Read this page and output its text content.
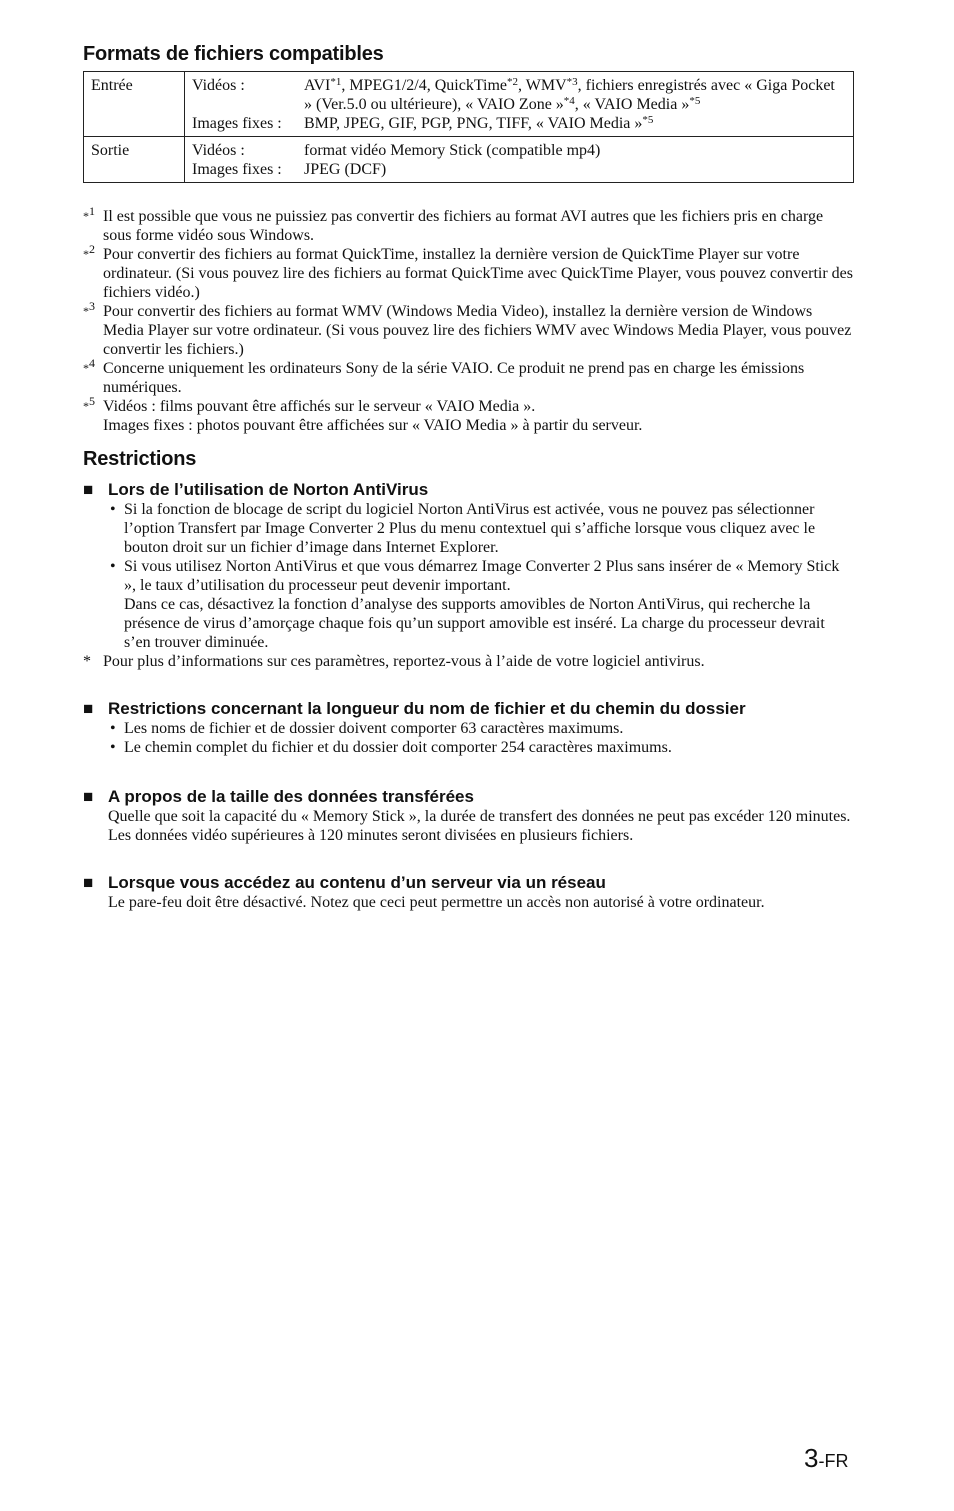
Formats de fichiers compatibles
Entrée	Vidéos : AVI$^{*1}$, MPEG1/2/4, QuickTime$^{*2}$, WMV$^{*3}$, fichiers enregistrés avec « Giga Pocket » (Ver.5.0 ou ultérieure), « VAIO Zone »$^{*4}$, « VAIO Media »$^{*5}$
Images fixes : BMP, JPEG, GIF, PGP, PNG, TIFF, « VAIO Media »$^{*5}$

Sortie	Vidéos : format vidéo Memory Stick (compatible mp4)
Images fixes : JPEG (DCF)
*$^1$ Il est possible que vous ne puissiez pas convertir des fichiers au format AVI autres que les fichiers pris en charge sous forme vidéo sous Windows.
*$^2$ Pour convertir des fichiers au format QuickTime, installez la dernière version de QuickTime Player sur votre ordinateur. (Si vous pouvez lire des fichiers au format QuickTime avec QuickTime Player, vous pouvez convertir des fichiers vidéo.)
*$^3$ Pour convertir des fichiers au format WMV (Windows Media Video), installez la dernière version de Windows Media Player sur votre ordinateur. (Si vous pouvez lire des fichiers WMV avec Windows Media Player, vous pouvez convertir les fichiers.)
*$^4$ Concerne uniquement les ordinateurs Sony de la série VAIO. Ce produit ne prend pas en charge les émissions numériques.
*$^5$ Vidéos : films pouvant être affichés sur le serveur « VAIO Media ».
Images fixes : photos pouvant être affichées sur « VAIO Media » à partir du serveur.
Restrictions
■ Lors de l’utilisation de Norton AntiVirus
• Si la fonction de blocage de script du logiciel Norton AntiVirus est activée, vous ne pouvez pas sélectionner l’option Transfert par Image Converter 2 Plus du menu contextuel qui s’affiche lorsque vous cliquez avec le bouton droit sur un fichier d’image dans Internet Explorer.
• Si vous utilisez Norton AntiVirus et que vous démarrez Image Converter 2 Plus sans insérer de « Memory Stick », le taux d’utilisation du processeur peut devenir important.
Dans ce cas, désactivez la fonction d’analyse des supports amovibles de Norton AntiVirus, qui recherche la présence de virus d’amorçage chaque fois qu’un support amovible est inséré. La charge du processeur devrait s’en trouver diminuée.
* Pour plus d’informations sur ces paramètres, reportez-vous à l’aide de votre logiciel antivirus.
■ Restrictions concernant la longueur du nom de fichier et du chemin du dossier
• Les noms de fichier et de dossier doivent comporter 63 caractères maximums.
• Le chemin complet du fichier et du dossier doit comporter 254 caractères maximums.
■ A propos de la taille des données transférées
Quelle que soit la capacité du « Memory Stick », la durée de transfert des données ne peut pas excéder 120 minutes. Les données vidéo supérieures à 120 minutes seront divisées en plusieurs fichiers.
■ Lorsque vous accédez au contenu d’un serveur via un réseau
Le pare-feu doit être désactivé. Notez que ceci peut permettre un accès non autorisé à votre ordinateur.
3-FR
